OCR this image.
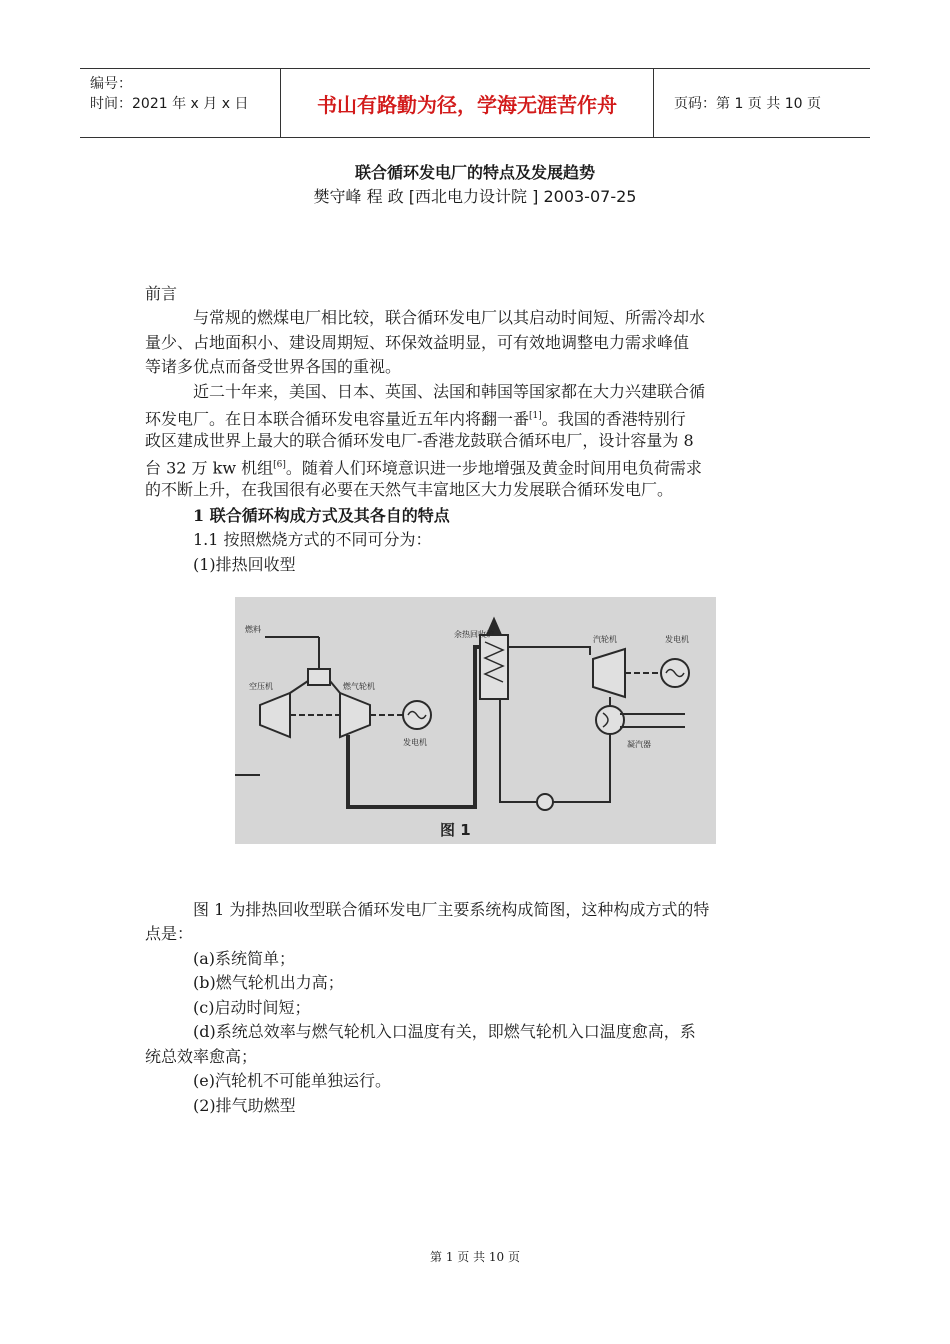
编号：
时间：2021 年 x 月 x 日	书山有路勤为径，学海无涯苦作舟	页码：第 1 页 共 10 页
联合循环发电厂的特点及发展趋势
樊守峰 程 政 [西北电力设计院 ] 2003-07-25
前言
与常规的燃煤电厂相比较，联合循环发电厂以其启动时间短、所需冷却水
量少、占地面积小、建设周期短、环保效益明显，可有效地调整电力需求峰值
等诸多优点而备受世界各国的重视。
近二十年来，美国、日本、英国、法国和韩国等国家都在大力兴建联合循
环发电厂。在日本联合循环发电容量近五年内将翻一番[1]。我国的香港特别行
政区建成世界上最大的联合循环发电厂-香港龙鼓联合循环电厂，设计容量为 8
台 32 万 kw 机组[6]。随着人们环境意识进一步地增强及黄金时间用电负荷需求
的不断上升，在我国很有必要在天然气丰富地区大力发展联合循环发电厂。
1 联合循环构成方式及其各自的特点
1.1 按照燃烧方式的不同可分为：
(1)排热回收型
燃料
空压机	燃气轮机
发电机
余热回收炉
汽轮机	发电机
凝汽器
图 1
图 1 为排热回收型联合循环发电厂主要系统构成简图，这种构成方式的特
点是：
(a)系统简单；
(b)燃气轮机出力高；
(c)启动时间短；
(d)系统总效率与燃气轮机入口温度有关，即燃气轮机入口温度愈高，系
统总效率愈高；
(e)汽轮机不可能单独运行。
(2)排气助燃型
第 1 页 共 10 页
